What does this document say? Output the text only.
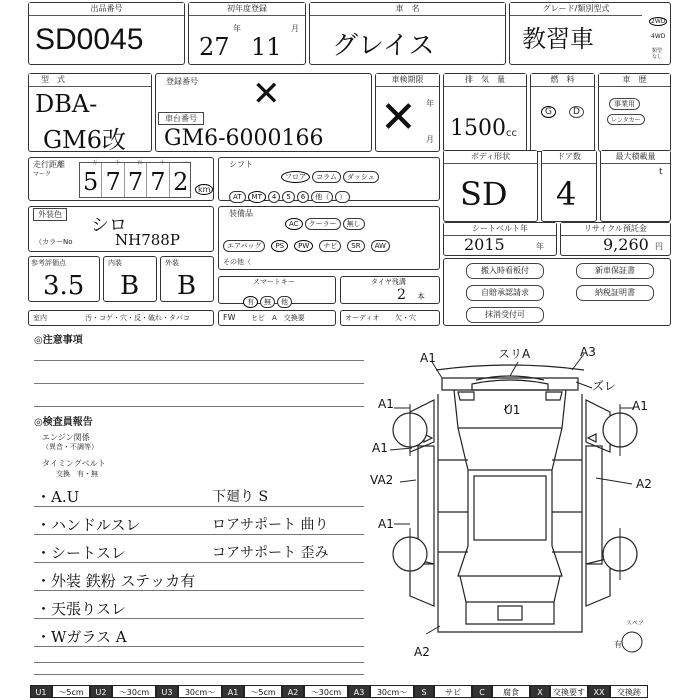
出品番号
SD0045
初年度登録
27
年
11
月
車　名
グレイス
グレード/類別型式
教習車
2WD
4WD
類型なし
型　式
DBA-
GM6改
登録番号 ✕
車台番号
GM6-6000166
車検期限
✕ 年
月
排　気　量
1500 cc
燃　料
G	D
車　歴
事業用
レンタカー
走行距離
マーク 5
万
7
千
7
百
7
十
2
一
km
シフト
フロア コラム ダッシュ
AT MT 4 5 6 他（ ）
ボディ形状
SD
ドア数
4
最大積載量
t
外装色
シロ
（カラーNo	NH788P
装備品
AC クーラー 無し
エアバッグ PS PW ナビ SR AW
その他（
シートベルト年
2015	年
リサイクル預託金
9,260 円
参考評価点
3.5
内装
B
外装
B	スマートキー
有 無 他
タイヤ残溝
2 本
搬入時看板付	新車保証書
自賠承認請求	納税証明書
抹消受付可
室内	汚・コゲ・穴・反・破れ・タバコ	FW ヒビ　A　交換要	オーディオ 欠・穴
◎注意事項
◎検査員報告
エンジン関係
（異音・不調等）
タイミングベルト
交換　有・無
・A.U	下廻り S
・ハンドルスレ	ロアサポート 曲り
・シートスレ	コアサポート 歪み
・外装 鉄粉 ステッカ有
・天張りスレ
・Wガラス A
スペア
有
A1	スリA	A3
ズレ
A1	U1	A1
A1
VA2	A2
A1
A2
U1	～5cm	U2	～30cm	U3	30cm～	A1	～5cm	A2	～30cm	A3	30cm～	S	サビ	C	腐食	X	交換要す	XX	交換跡
